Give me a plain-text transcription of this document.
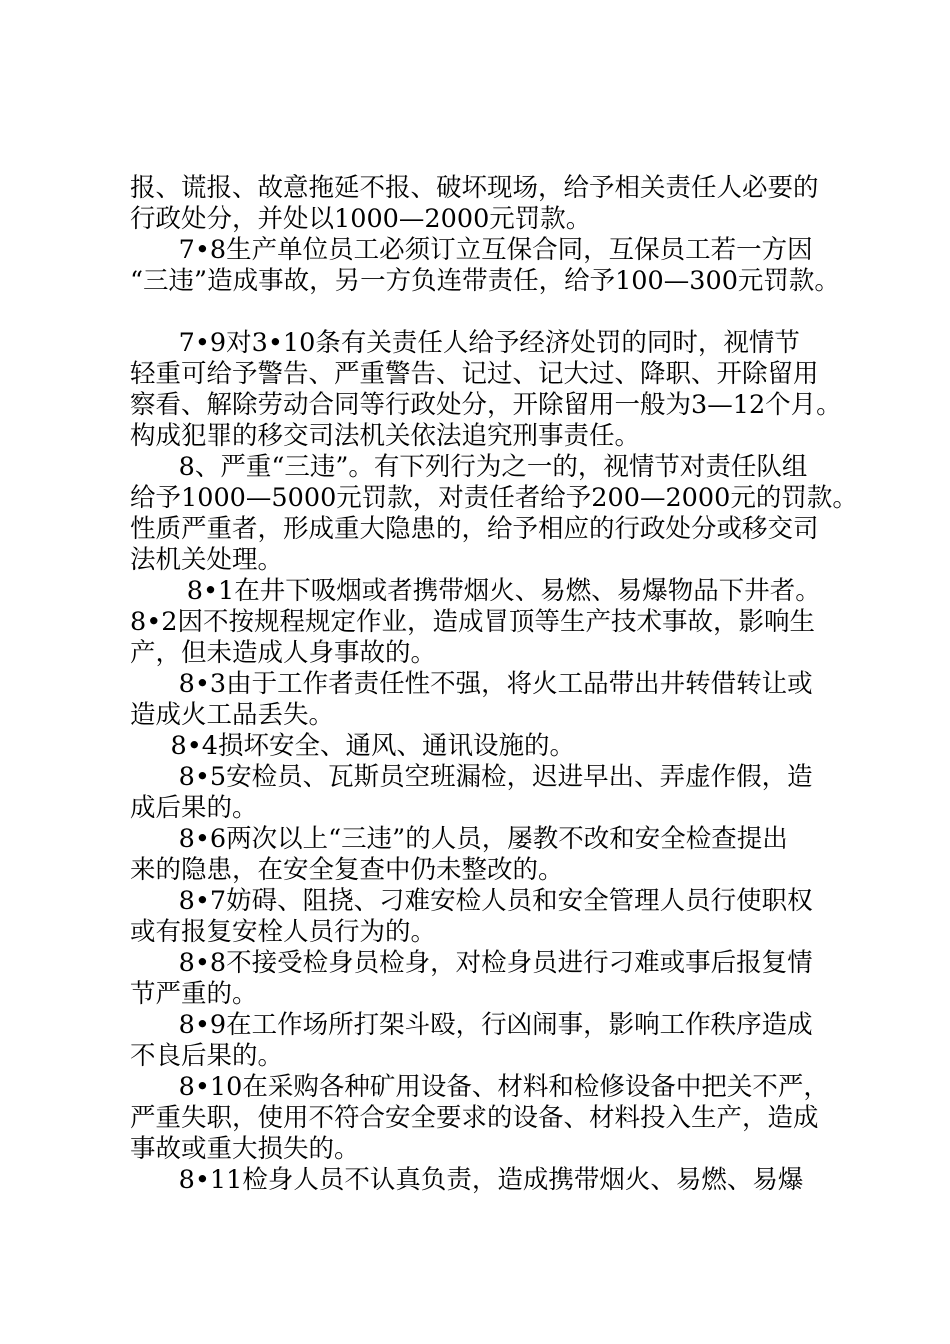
报、谎报、故意拖延不报、破坏现场，给予相关责任人必要的
行政处分，并处以1000—2000元罚款。
7•8生产单位员工必须订立互保合同，互保员工若一方因
“三违”造成事故，另一方负连带责任，给予100—300元罚款。
7•9对3•10条有关责任人给予经济处罚的同时，视情节
轻重可给予警告、严重警告、记过、记大过、降职、开除留用
察看、解除劳动合同等行政处分，开除留用一般为3—12个月。
构成犯罪的移交司法机关依法追究刑事责任。
8、严重“三违”。有下列行为之一的，视情节对责任队组
给予1000—5000元罚款，对责任者给予200—2000元的罚款。
性质严重者，形成重大隐患的，给予相应的行政处分或移交司
法机关处理。
8•1在井下吸烟或者携带烟火、易燃、易爆物品下井者。
8•2因不按规程规定作业，造成冒顶等生产技术事故，影响生
产，但未造成人身事故的。
8•3由于工作者责任性不强，将火工品带出井转借转让或
造成火工品丢失。
8•4损坏安全、通风、通讯设施的。
8•5安检员、瓦斯员空班漏检，迟进早出、弄虚作假，造
成后果的。
8•6两次以上“三违”的人员，屡教不改和安全检查提出
来的隐患，在安全复查中仍未整改的。
8•7妨碍、阻挠、刁难安检人员和安全管理人员行使职权
或有报复安栓人员行为的。
8•8不接受检身员检身，对检身员进行刁难或事后报复情
节严重的。
8•9在工作场所打架斗殴，行凶闹事，影响工作秩序造成
不良后果的。
8•10在采购各种矿用设备、材料和检修设备中把关不严，
严重失职，使用不符合安全要求的设备、材料投入生产，造成
事故或重大损失的。
8•11检身人员不认真负责，造成携带烟火、易燃、易爆
